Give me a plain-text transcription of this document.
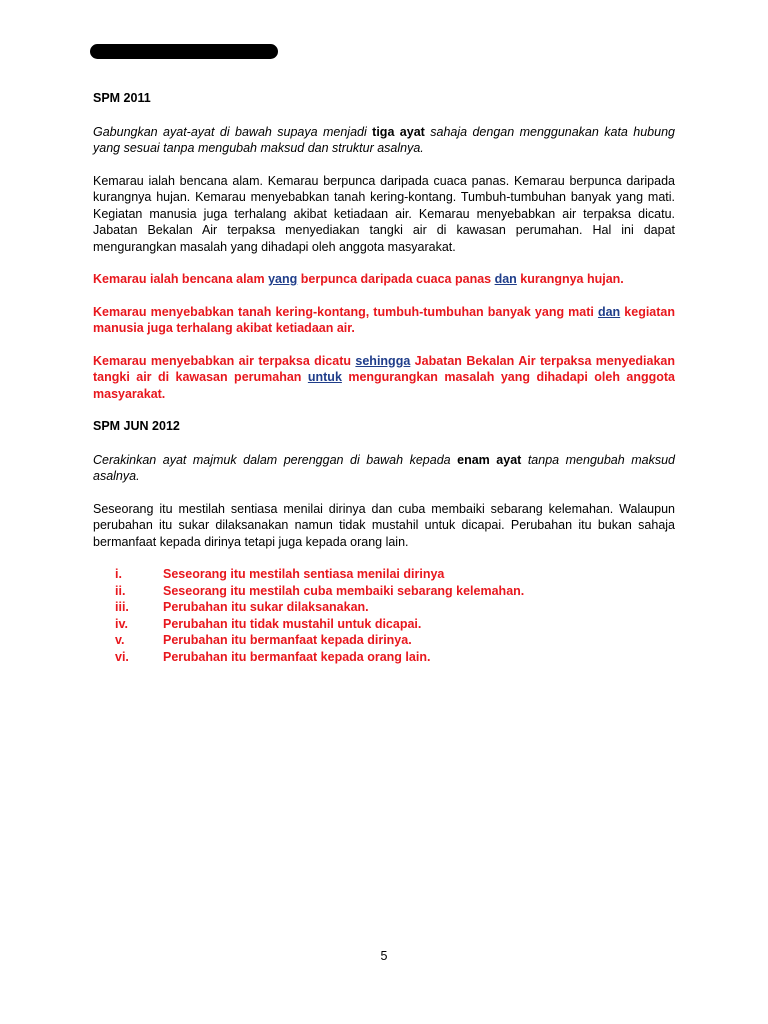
SPM 2011

Gabungkan ayat-ayat di bawah supaya menjadi tiga ayat sahaja dengan menggunakan kata hubung yang sesuai tanpa mengubah maksud dan struktur asalnya.

Kemarau ialah bencana alam. Kemarau berpunca daripada cuaca panas. Kemarau berpunca daripada kurangnya hujan. Kemarau menyebabkan tanah kering-kontang. Tumbuh-tumbuhan banyak yang mati. Kegiatan manusia juga terhalang akibat ketiadaan air. Kemarau menyebabkan air terpaksa dicatu. Jabatan Bekalan Air terpaksa menyediakan tangki air di kawasan perumahan. Hal ini dapat mengurangkan masalah yang dihadapi oleh anggota masyarakat.

Kemarau ialah bencana alam yang berpunca daripada cuaca panas dan kurangnya hujan.

Kemarau menyebabkan tanah kering-kontang, tumbuh-tumbuhan banyak yang mati dan kegiatan manusia juga terhalang akibat ketiadaan air.

Kemarau menyebabkan air terpaksa dicatu sehingga Jabatan Bekalan Air terpaksa menyediakan tangki air di kawasan perumahan untuk mengurangkan masalah yang dihadapi oleh anggota masyarakat.

SPM JUN 2012

Cerakinkan ayat majmuk dalam perenggan di bawah kepada enam ayat tanpa mengubah maksud asalnya.

Seseorang itu mestilah sentiasa menilai dirinya dan cuba membaiki sebarang kelemahan. Walaupun perubahan itu sukar dilaksanakan namun tidak mustahil untuk dicapai. Perubahan itu bukan sahaja bermanfaat kepada dirinya tetapi juga kepada orang lain.

i.	Seseorang itu mestilah sentiasa menilai dirinya
ii.	Seseorang itu mestilah cuba membaiki sebarang kelemahan.
iii.	Perubahan itu sukar dilaksanakan.
iv.	Perubahan itu tidak mustahil untuk dicapai.
v.	Perubahan itu bermanfaat kepada dirinya.
vi.	Perubahan itu bermanfaat kepada orang lain.
5
